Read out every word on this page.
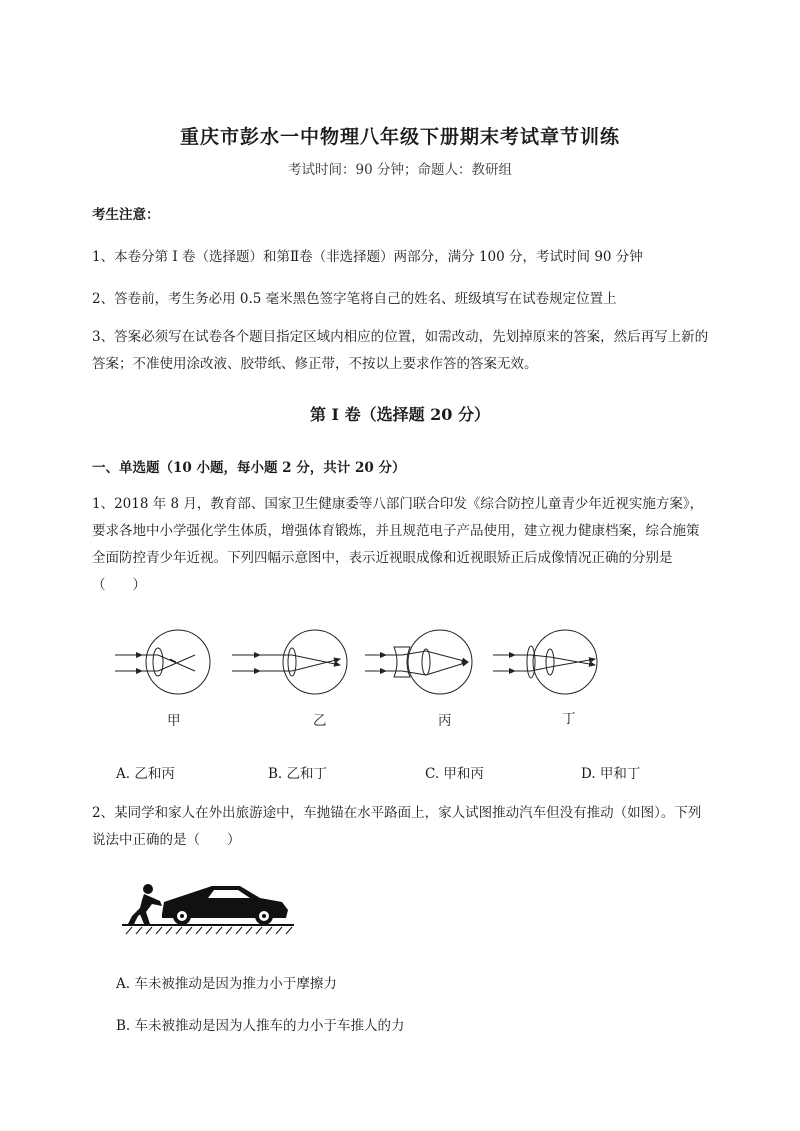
重庆市彭水一中物理八年级下册期末考试章节训练
考试时间：90 分钟；命题人：教研组
考生注意：
1、本卷分第 I 卷（选择题）和第Ⅱ卷（非选择题）两部分，满分 100 分，考试时间 90 分钟
2、答卷前，考生务必用 0.5 毫米黑色签字笔将自己的姓名、班级填写在试卷规定位置上
3、答案必须写在试卷各个题目指定区域内相应的位置，如需改动，先划掉原来的答案，然后再写上新的答案；不准使用涂改液、胶带纸、修正带，不按以上要求作答的答案无效。
第 I 卷（选择题 20 分）
一、单选题（10 小题，每小题 2 分，共计 20 分）
1、2018 年 8 月，教育部、国家卫生健康委等八部门联合印发《综合防控儿童青少年近视实施方案》，要求各地中小学强化学生体质，增强体育锻炼，并且规范电子产品使用，建立视力健康档案，综合施策全面防控青少年近视。下列四幅示意图中，表示近视眼成像和近视眼矫正后成像情况正确的分别是（　　）
甲	乙	丙	丁
A. 乙和丙	B. 乙和丁	C. 甲和丙	D. 甲和丁
2、某同学和家人在外出旅游途中，车抛锚在水平路面上，家人试图推动汽车但没有推动（如图）。下列说法中正确的是（　　）
A. 车未被推动是因为推力小于摩擦力
B. 车未被推动是因为人推车的力小于车推人的力
